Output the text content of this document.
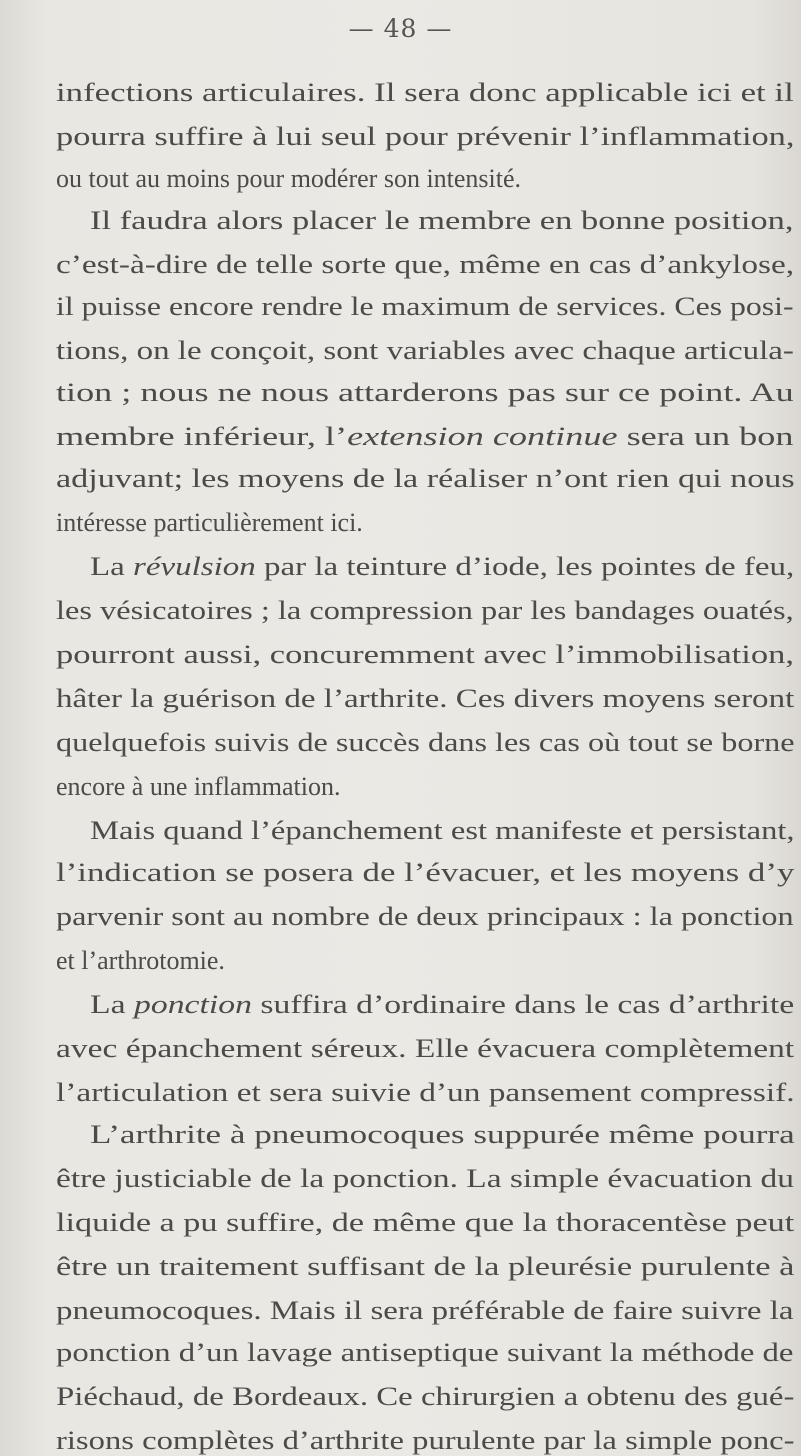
— 48 —
infections articulaires. Il sera donc applicable ici et il
pourra suffire à lui seul pour prévenir l’inflammation,
ou tout au moins pour modérer son intensité.
Il faudra alors placer le membre en bonne position,
c’est-à-dire de telle sorte que, même en cas d’ankylose,
il puisse encore rendre le maximum de services. Ces posi-
tions, on le conçoit, sont variables avec chaque articula-
tion ; nous ne nous attarderons pas sur ce point. Au
membre inférieur, l’extension continue sera un bon
adjuvant; les moyens de la réaliser n’ont rien qui nous
intéresse particulièrement ici.
La révulsion par la teinture d’iode, les pointes de feu,
les vésicatoires ; la compression par les bandages ouatés,
pourront aussi, concuremment avec l’immobilisation,
hâter la guérison de l’arthrite. Ces divers moyens seront
quelquefois suivis de succès dans les cas où tout se borne
encore à une inflammation.
Mais quand l’épanchement est manifeste et persistant,
l’indication se posera de l’évacuer, et les moyens d’y
parvenir sont au nombre de deux principaux : la ponction
et l’arthrotomie.
La ponction suffira d’ordinaire dans le cas d’arthrite
avec épanchement séreux. Elle évacuera complètement
l’articulation et sera suivie d’un pansement compressif.
L’arthrite à pneumocoques suppurée même pourra
être justiciable de la ponction. La simple évacuation du
liquide a pu suffire, de même que la thoracentèse peut
être un traitement suffisant de la pleurésie purulente à
pneumocoques. Mais il sera préférable de faire suivre la
ponction d’un lavage antiseptique suivant la méthode de
Piéchaud, de Bordeaux. Ce chirurgien a obtenu des gué-
risons complètes d’arthrite purulente par la simple ponc-
